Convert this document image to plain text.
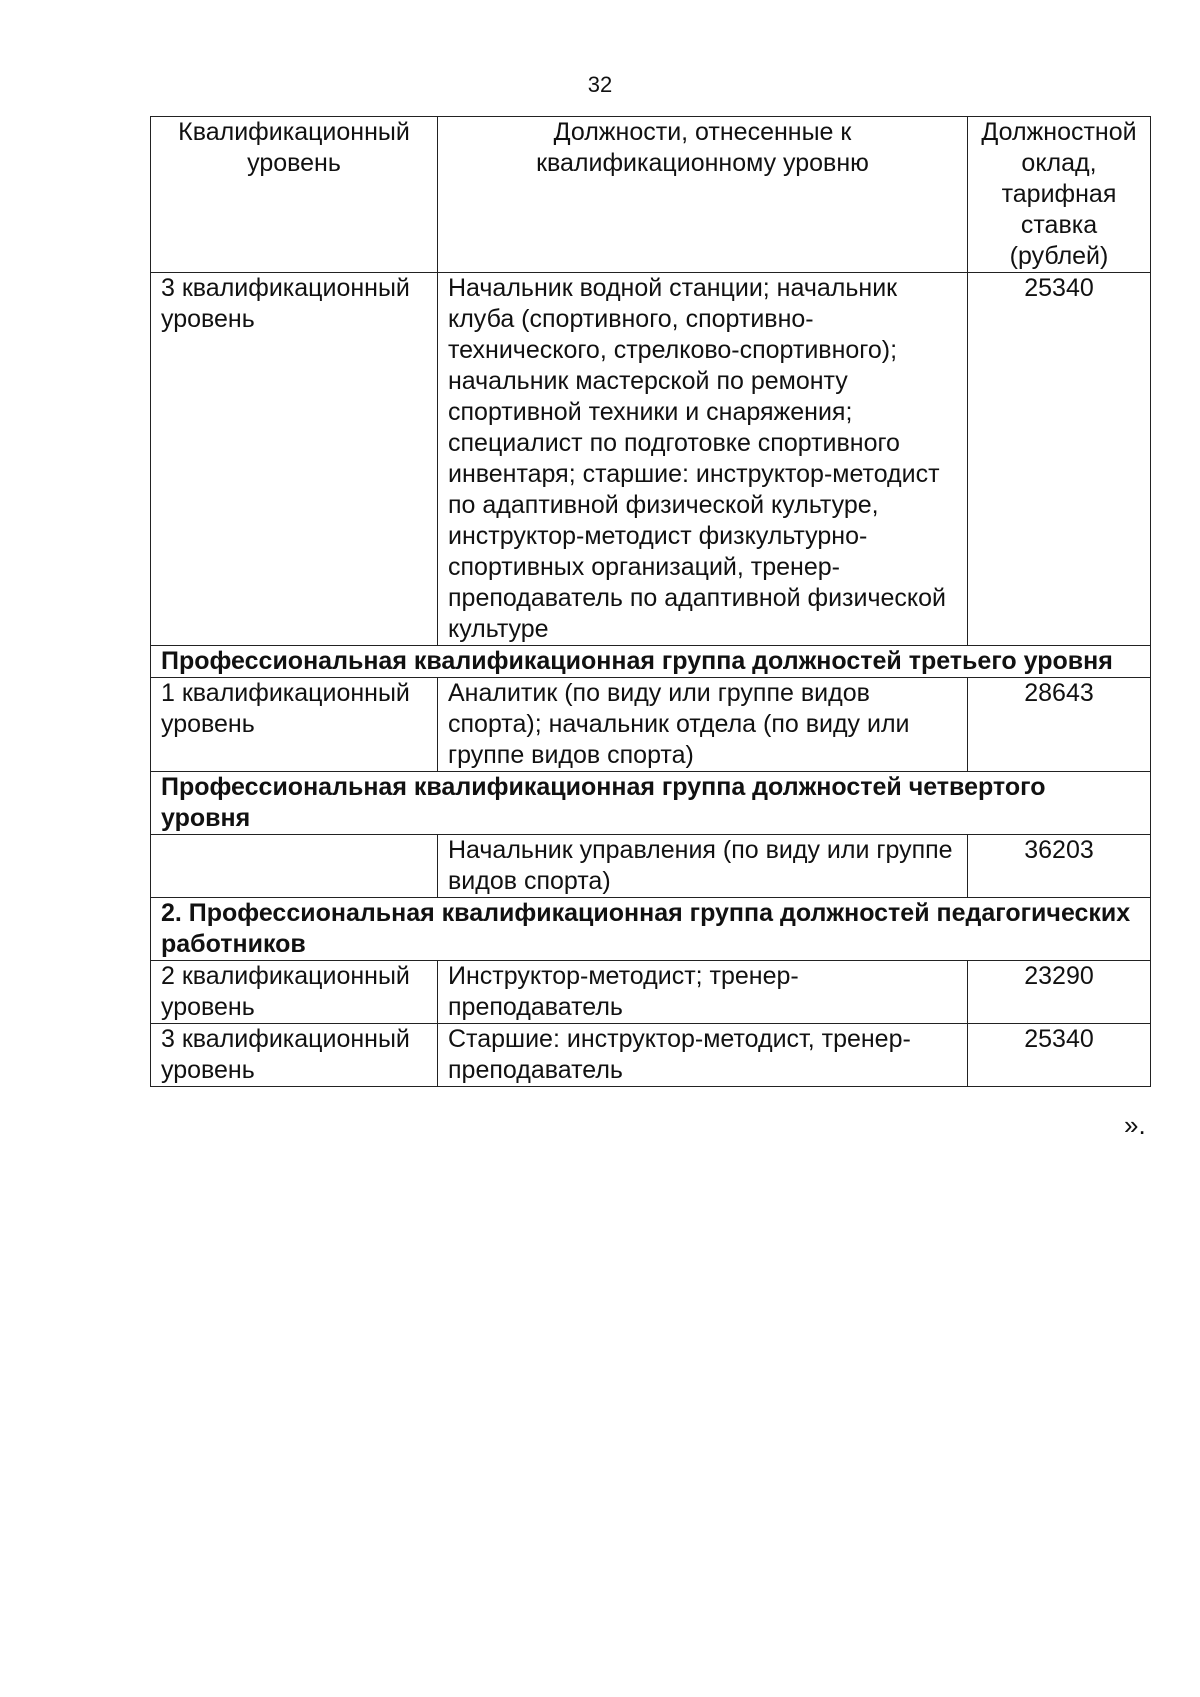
32
Квалификационный уровень	Должности, отнесенные к квалификационному уровню	Должностной оклад, тарифная ставка (рублей)
3 квалификационный уровень	Начальник водной станции; начальник клуба (спортивного, спортивно-технического, стрелково-спортивного); начальник мастерской по ремонту спортивной техники и снаряжения; специалист по подготовке спортивного инвентаря; старшие: инструктор-методист по адаптивной физической культуре, инструктор-методист физкультурно-спортивных организаций, тренер-преподаватель по адаптивной физической культуре	25340
Профессиональная квалификационная группа должностей третьего уровня		
1 квалификационный уровень	Аналитик (по виду или группе видов спорта); начальник отдела (по виду или группе видов спорта)	28643
Профессиональная квалификационная группа должностей четвертого уровня		
	Начальник управления (по виду или группе видов спорта)	36203
2. Профессиональная квалификационная группа должностей педагогических работников		
2 квалификационный уровень	Инструктор-методист; тренер-преподаватель	23290
3 квалификационный уровень	Старшие: инструктор-методист, тренер-преподаватель	25340
».
